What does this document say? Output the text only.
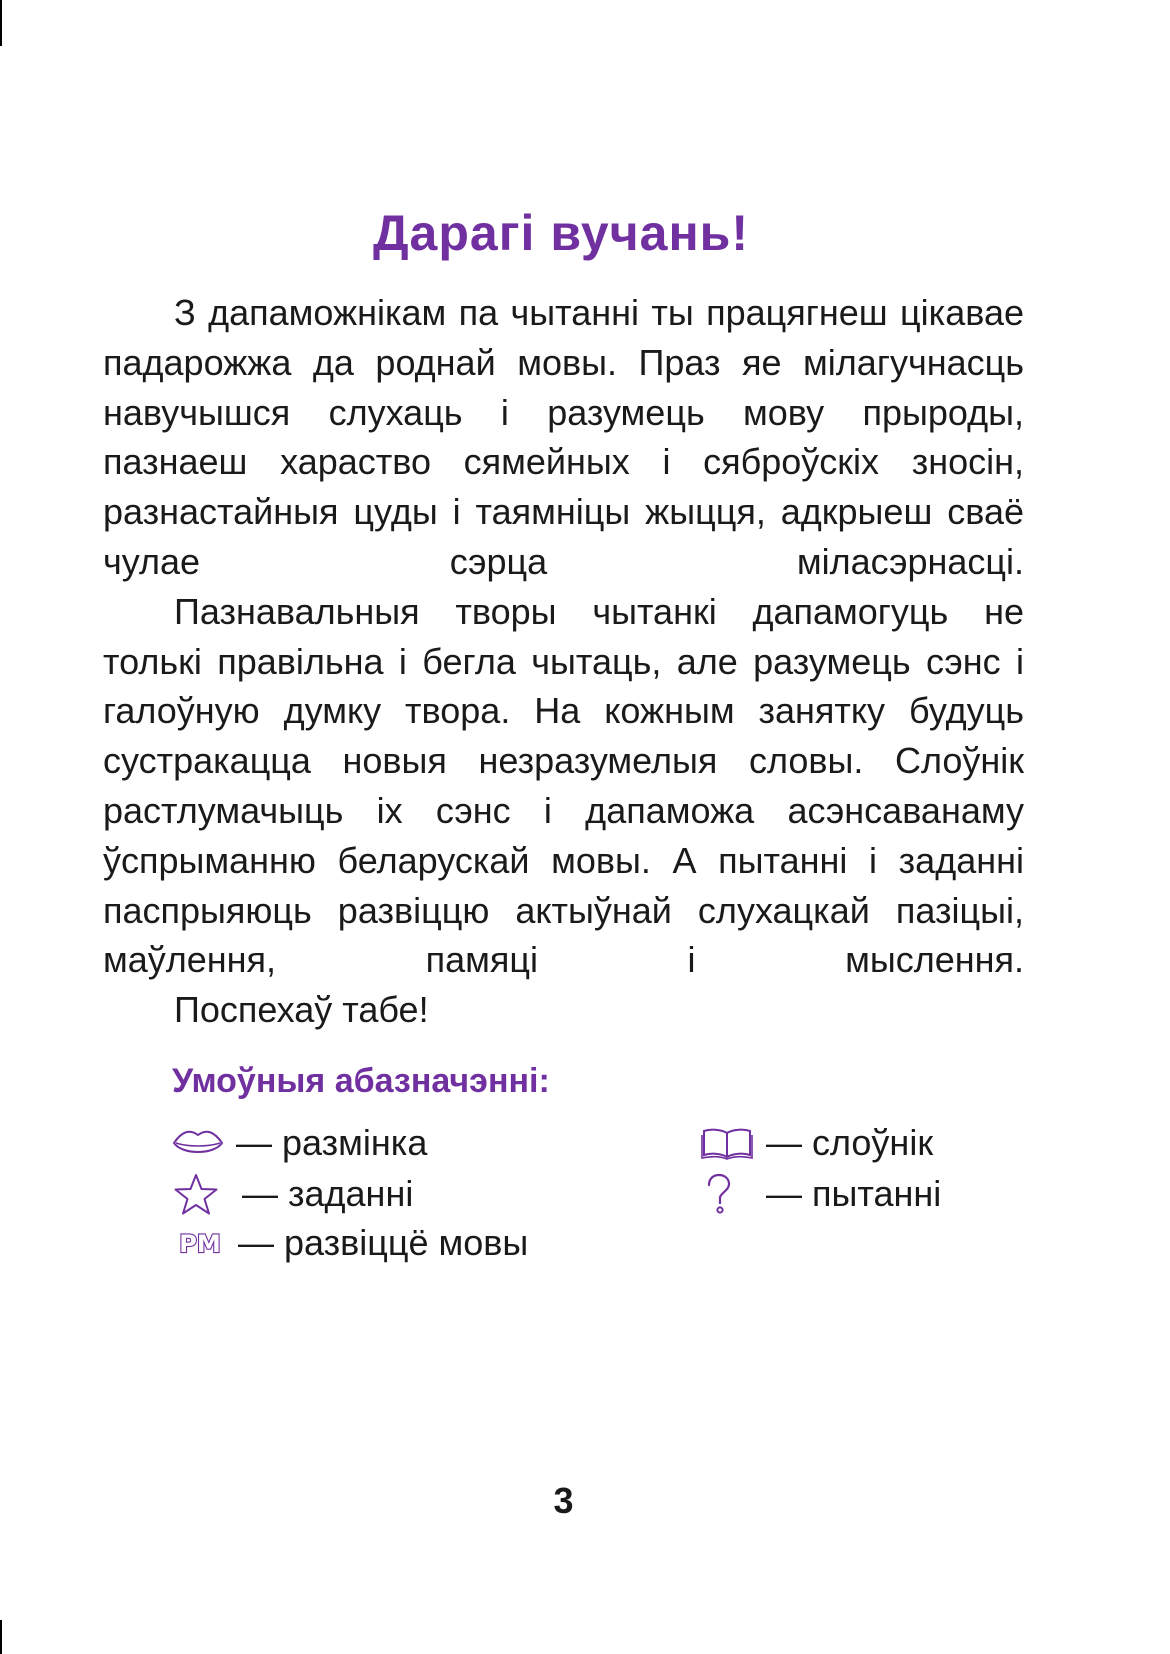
Дарагі вучань!

З дапаможнікам па чытанні ты працягнеш цікавае падарожжа да роднай мовы. Праз яе мілагучнасць навучышся слухаць і разумець мову прыроды, пазнаеш хараство сямейных і сяброўскіх зносін, разнастайныя цуды і таямніцы жыцця, адкрыеш сваё чулае сэрца міласэрнасці.

Пазнавальныя творы чытанкі дапамогуць не толькі правільна і бегла чытаць, але разумець сэнс і галоўную думку твора. На кожным занятку будуць сустракацца новыя незразумелыя словы. Слоўнік растлумачыць іх сэнс і дапаможа асэнсаванаму ўспрыманню беларускай мовы. А пытанні і заданні паспрыяюць развіццю актыўнай слухацкай пазіцыі, маўлення, памяці і мыслення.

Поспехаў табе!

Умоўныя абазначэнні:
— размінка	— слоўнік
— заданні	— пытанні
РМ — развіццё мовы
3
